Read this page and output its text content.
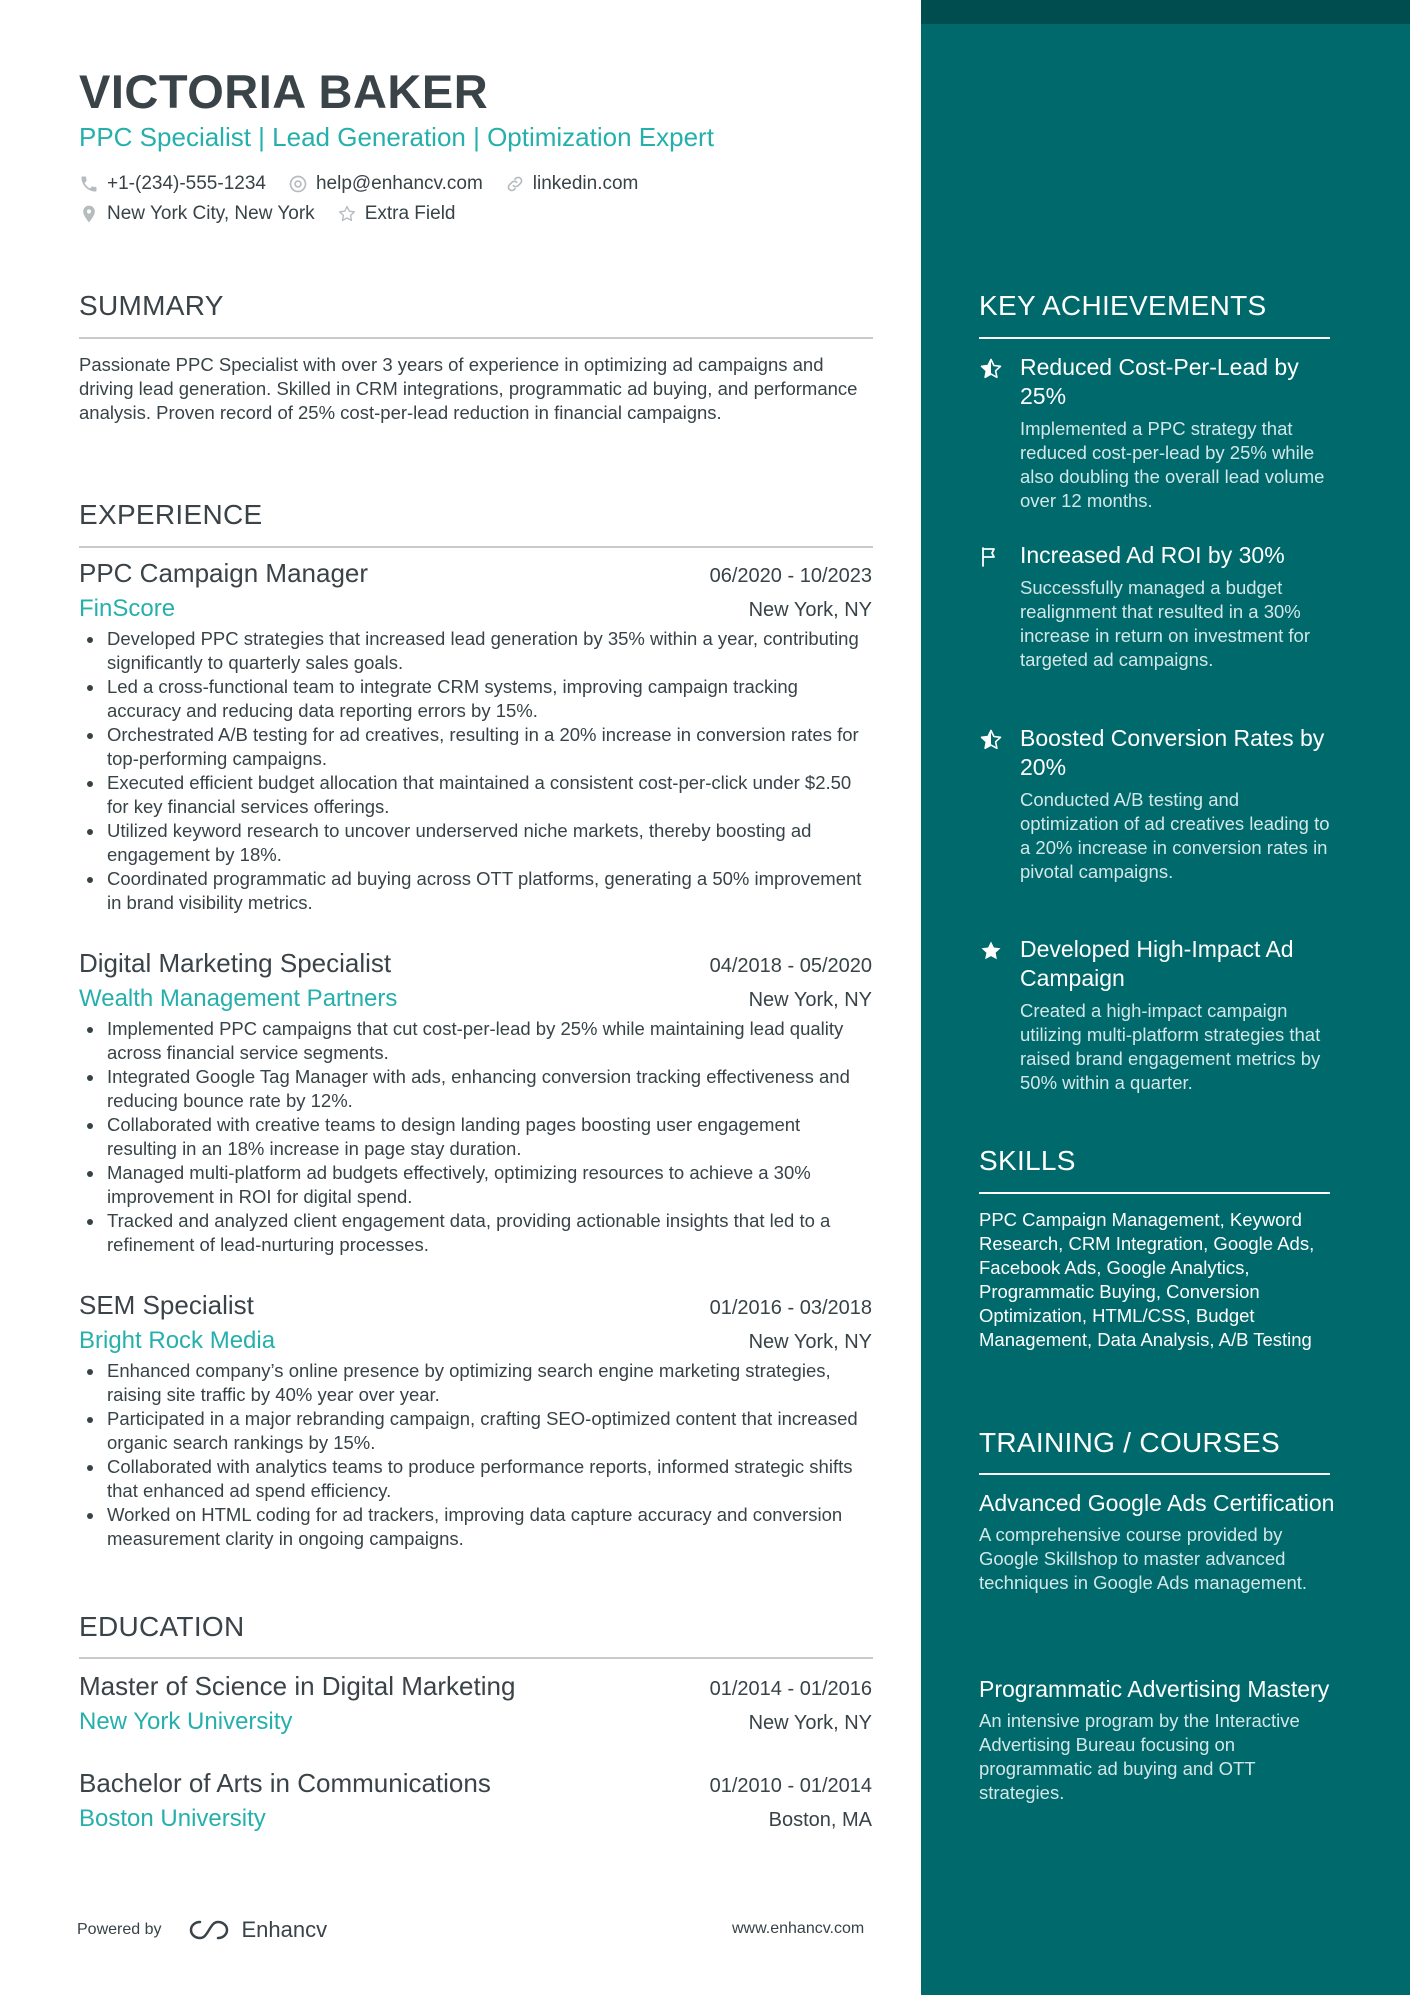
VICTORIA BAKER
PPC Specialist | Lead Generation | Optimization Expert
+1-(234)-555-1234	help@enhancv.com	linkedin.com
New York City, New York	Extra Field
SUMMARY
Passionate PPC Specialist with over 3 years of experience in optimizing ad campaigns and driving lead generation. Skilled in CRM integrations, programmatic ad buying, and performance analysis. Proven record of 25% cost-per-lead reduction in financial campaigns.
EXPERIENCE
PPC Campaign Manager	06/2020 - 10/2023
FinScore	New York, NY
Developed PPC strategies that increased lead generation by 35% within a year, contributing significantly to quarterly sales goals.
Led a cross-functional team to integrate CRM systems, improving campaign tracking accuracy and reducing data reporting errors by 15%.
Orchestrated A/B testing for ad creatives, resulting in a 20% increase in conversion rates for top-performing campaigns.
Executed efficient budget allocation that maintained a consistent cost-per-click under $2.50 for key financial services offerings.
Utilized keyword research to uncover underserved niche markets, thereby boosting ad engagement by 18%.
Coordinated programmatic ad buying across OTT platforms, generating a 50% improvement in brand visibility metrics.
Digital Marketing Specialist	04/2018 - 05/2020
Wealth Management Partners	New York, NY
Implemented PPC campaigns that cut cost-per-lead by 25% while maintaining lead quality across financial service segments.
Integrated Google Tag Manager with ads, enhancing conversion tracking effectiveness and reducing bounce rate by 12%.
Collaborated with creative teams to design landing pages boosting user engagement resulting in an 18% increase in page stay duration.
Managed multi-platform ad budgets effectively, optimizing resources to achieve a 30% improvement in ROI for digital spend.
Tracked and analyzed client engagement data, providing actionable insights that led to a refinement of lead-nurturing processes.
SEM Specialist	01/2016 - 03/2018
Bright Rock Media	New York, NY
Enhanced company’s online presence by optimizing search engine marketing strategies, raising site traffic by 40% year over year.
Participated in a major rebranding campaign, crafting SEO-optimized content that increased organic search rankings by 15%.
Collaborated with analytics teams to produce performance reports, informed strategic shifts that enhanced ad spend efficiency.
Worked on HTML coding for ad trackers, improving data capture accuracy and conversion measurement clarity in ongoing campaigns.
EDUCATION
Master of Science in Digital Marketing	01/2014 - 01/2016
New York University	New York, NY
Bachelor of Arts in Communications	01/2010 - 01/2014
Boston University	Boston, MA
Powered by	Enhancv	www.enhancv.com
KEY ACHIEVEMENTS
Reduced Cost-Per-Lead by 25%
Implemented a PPC strategy that reduced cost-per-lead by 25% while also doubling the overall lead volume over 12 months.
Increased Ad ROI by 30%
Successfully managed a budget realignment that resulted in a 30% increase in return on investment for targeted ad campaigns.
Boosted Conversion Rates by 20%
Conducted A/B testing and optimization of ad creatives leading to a 20% increase in conversion rates in pivotal campaigns.
Developed High-Impact Ad Campaign
Created a high-impact campaign utilizing multi-platform strategies that raised brand engagement metrics by 50% within a quarter.
SKILLS
PPC Campaign Management, Keyword Research, CRM Integration, Google Ads, Facebook Ads, Google Analytics, Programmatic Buying, Conversion Optimization, HTML/CSS, Budget Management, Data Analysis, A/B Testing
TRAINING / COURSES
Advanced Google Ads Certification
A comprehensive course provided by Google Skillshop to master advanced techniques in Google Ads management.
Programmatic Advertising Mastery
An intensive program by the Interactive Advertising Bureau focusing on programmatic ad buying and OTT strategies.
